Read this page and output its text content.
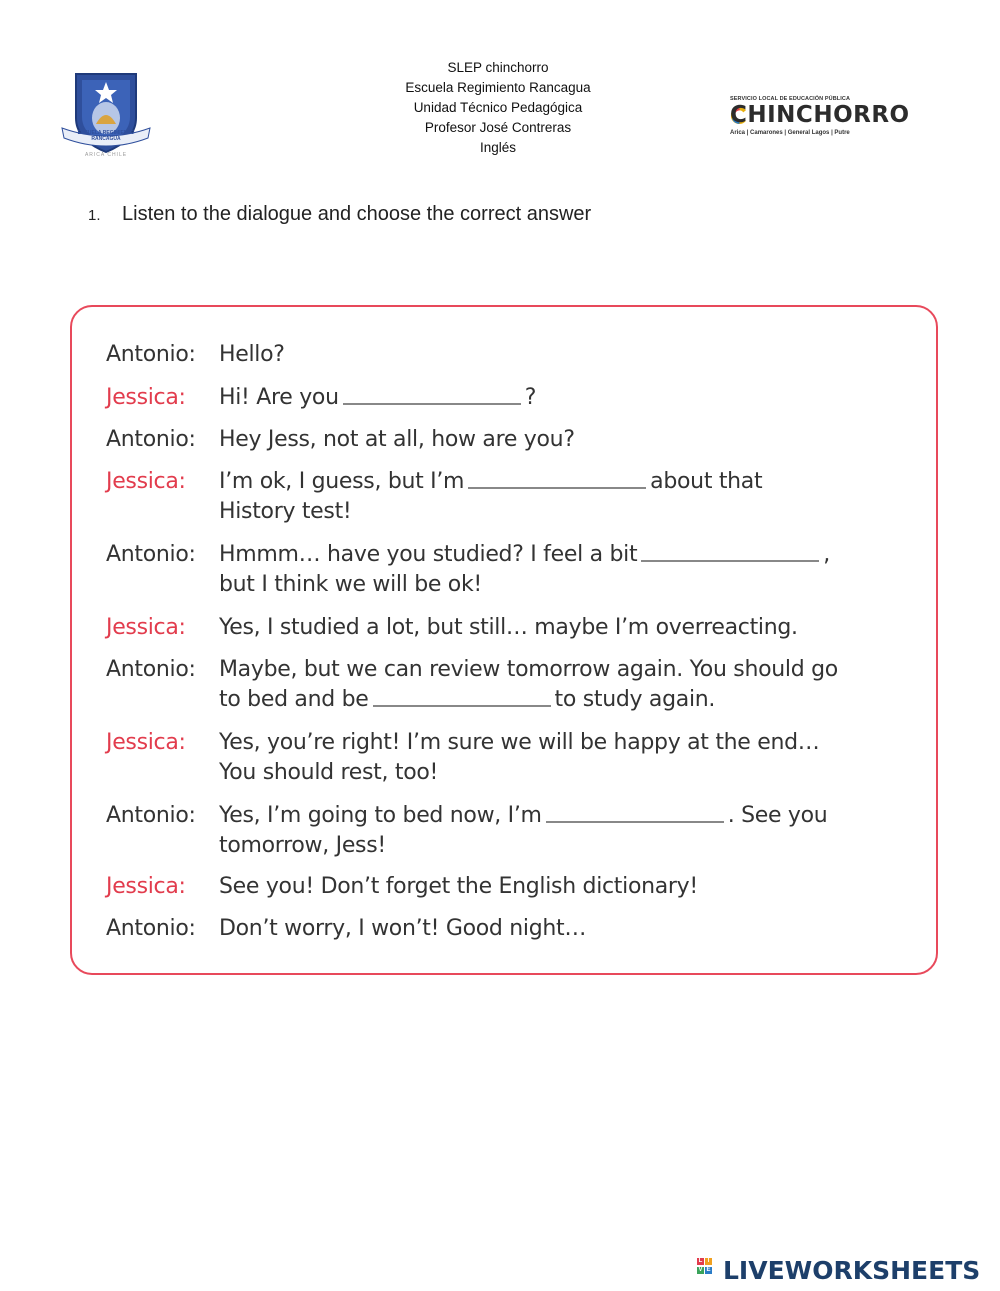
ESCUELA REGIMIENTO RANCAGUA
ARICA CHILE
SLEP chinchorro
Escuela Regimiento Rancagua
Unidad Técnico Pedagógica
Profesor José Contreras
Inglés
SERVICIO LOCAL DE EDUCACIÓN PÚBLICA
CHINCHORRO
Arica | Camarones | General Lagos | Putre
1. Listen to the dialogue and choose the correct answer
Antonio: Hello?
Jessica: Hi! Are you	?
Antonio: Hey Jess, not at all, how are you?
Jessica: I’m ok, I guess, but I’m	about that
History test!
Antonio: Hmmm… have you studied? I feel a bit	,
but I think we will be ok!
Jessica: Yes, I studied a lot, but still… maybe I’m overreacting.
Antonio: Maybe, but we can review tomorrow again. You should go
to bed and be	to study again.
Jessica: Yes, you’re right! I’m sure we will be happy at the end…
You should rest, too!
Antonio: Yes, I’m going to bed now, I’m	. See you
tomorrow, Jess!
Jessica: See you! Don’t forget the English dictionary!
Antonio: Don’t worry, I won’t! Good night…
L I
V E LIVEWORKSHEETS
